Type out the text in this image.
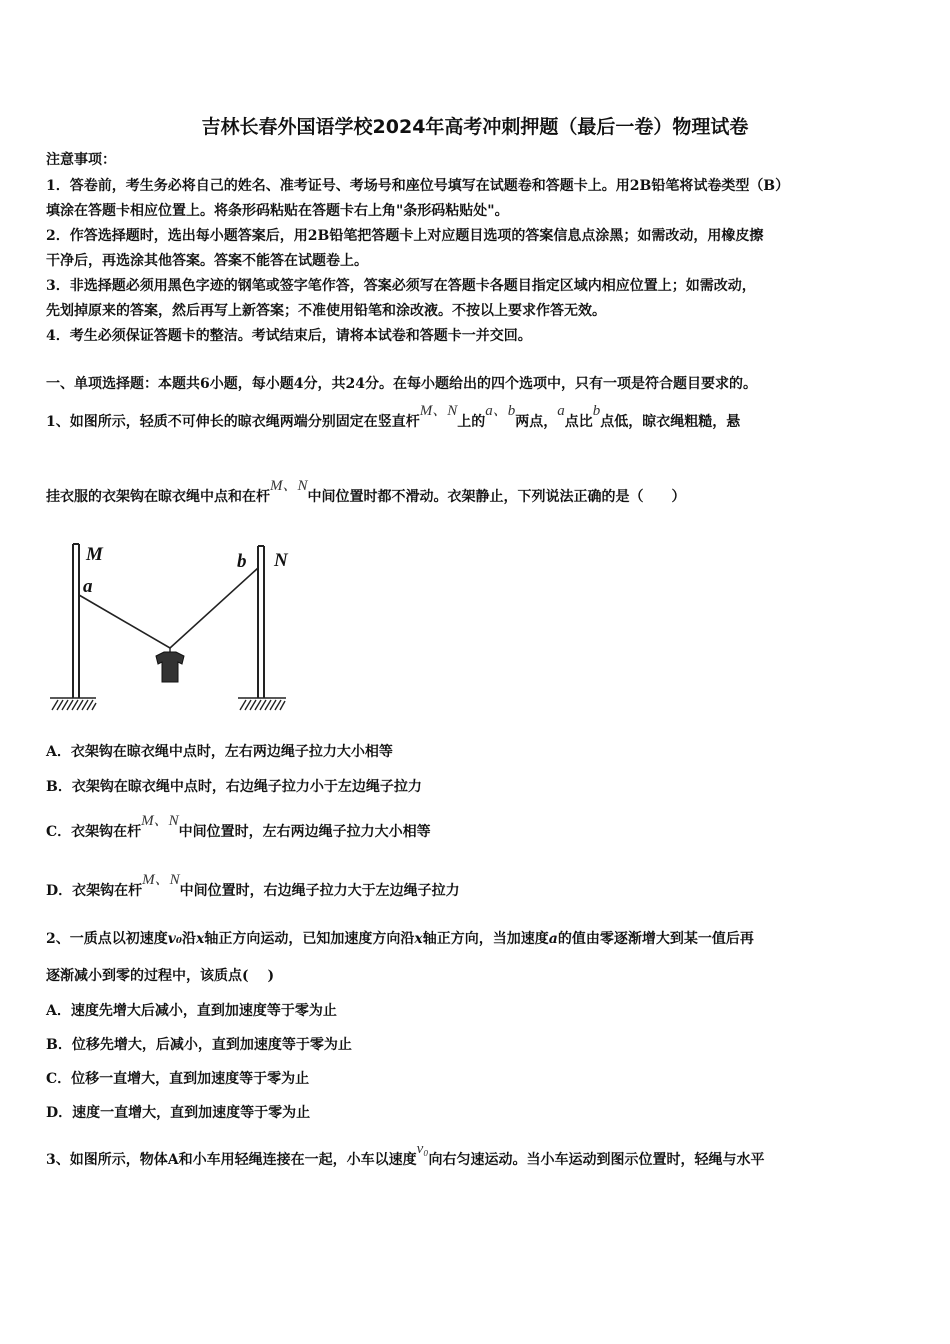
吉林长春外国语学校2024年高考冲刺押题（最后一卷）物理试卷
注意事项：
1．答卷前，考生务必将自己的姓名、准考证号、考场号和座位号填写在试题卷和答题卡上。用2B铅笔将试卷类型（B）
填涂在答题卡相应位置上。将条形码粘贴在答题卡右上角"条形码粘贴处"。
2．作答选择题时，选出每小题答案后，用2B铅笔把答题卡上对应题目选项的答案信息点涂黑；如需改动，用橡皮擦
干净后，再选涂其他答案。答案不能答在试题卷上。
3．非选择题必须用黑色字迹的钢笔或签字笔作答，答案必须写在答题卡各题目指定区域内相应位置上；如需改动，
先划掉原来的答案，然后再写上新答案；不准使用铅笔和涂改液。不按以上要求作答无效。
4．考生必须保证答题卡的整洁。考试结束后，请将本试卷和答题卡一并交回。
一、单项选择题：本题共6小题，每小题4分，共24分。在每小题给出的四个选项中，只有一项是符合题目要求的。
1、如图所示，轻质不可伸长的晾衣绳两端分别固定在竖直杆M、N上的a、b两点，a点比b点低，晾衣绳粗糙，悬
挂衣服的衣架钩在晾衣绳中点和在杆M、N中间位置时都不滑动。衣架静止，下列说法正确的是（　　）
M
a
b N
A．衣架钩在晾衣绳中点时，左右两边绳子拉力大小相等
B．衣架钩在晾衣绳中点时，右边绳子拉力小于左边绳子拉力
C．衣架钩在杆M、N中间位置时，左右两边绳子拉力大小相等
D．衣架钩在杆M、N中间位置时，右边绳子拉力大于左边绳子拉力
2、一质点以初速度v₀沿x轴正方向运动，已知加速度方向沿x轴正方向，当加速度a的值由零逐渐增大到某一值后再
逐渐减小到零的过程中，该质点(　 )
A．速度先增大后减小，直到加速度等于零为止
B．位移先增大，后减小，直到加速度等于零为止
C．位移一直增大，直到加速度等于零为止
D．速度一直增大，直到加速度等于零为止
3、如图所示，物体A和小车用轻绳连接在一起，小车以速度v₀向右匀速运动。当小车运动到图示位置时，轻绳与水平
